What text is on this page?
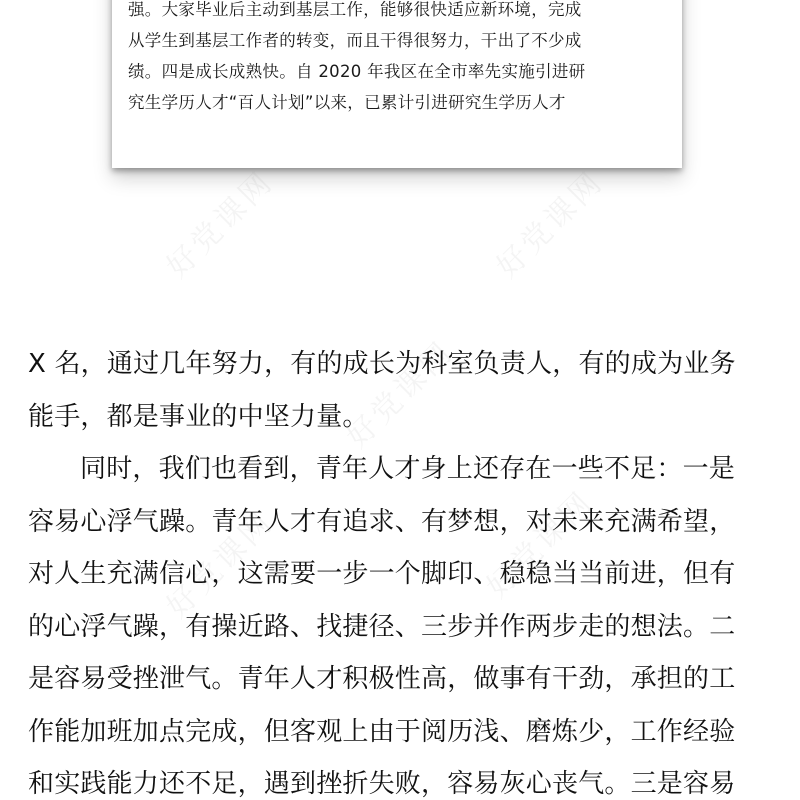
强。大家毕业后主动到基层工作，能够很快适应新环境，完成
从学生到基层工作者的转变，而且干得很努力，干出了不少成
绩。四是成长成熟快。自 2020 年我区在全市率先实施引进研
究生学历人才“百人计划”以来，已累计引进研究生学历人才
好党课网	好党课网
好党课网
好党课网	好党课网
X 名，通过几年努力，有的成长为科室负责人，有的成为业务
能手，都是事业的中坚力量。
同时，我们也看到，青年人才身上还存在一些不足：一是
容易心浮气躁。青年人才有追求、有梦想，对未来充满希望，
对人生充满信心，这需要一步一个脚印、稳稳当当前进，但有
的心浮气躁，有操近路、找捷径、三步并作两步走的想法。二
是容易受挫泄气。青年人才积极性高，做事有干劲，承担的工
作能加班加点完成，但客观上由于阅历浅、磨炼少，工作经验
和实践能力还不足，遇到挫折失败，容易灰心丧气。三是容易
